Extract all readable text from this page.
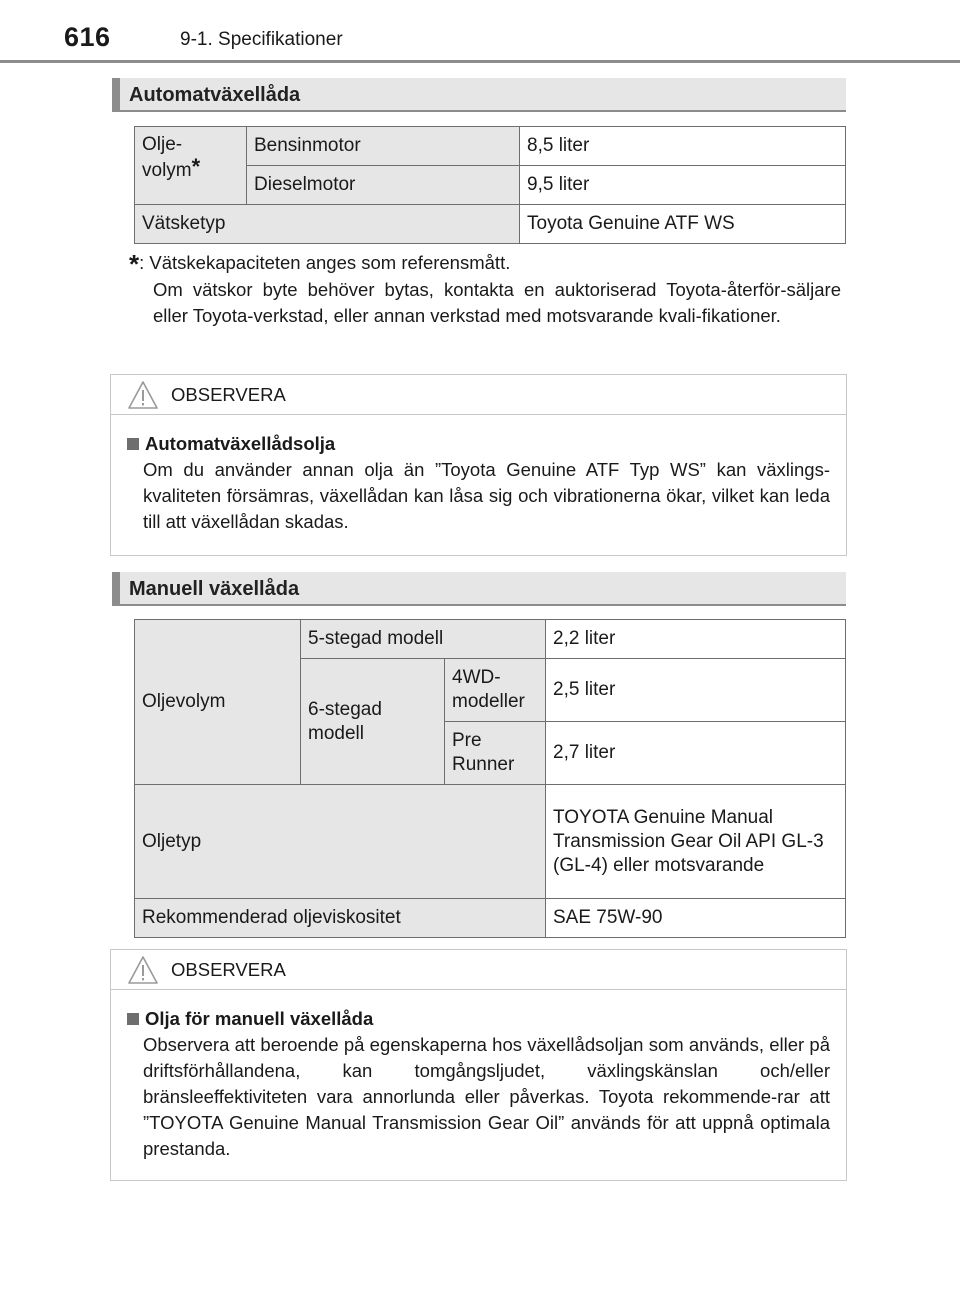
616	9-1. Specifikationer
Automatväxellåda
Olje-
volym*	Bensinmotor	8,5 liter
	Dieselmotor	9,5 liter
Vätsketyp		Toyota Genuine ATF WS
*: Vätskekapaciteten anges som referensmått.
Om vätskor byte behöver bytas, kontakta en auktoriserad Toyota-återför-säljare eller Toyota-verkstad, eller annan verkstad med motsvarande kvali-fikationer.
OBSERVERA
Automatväxellådsolja
Om du använder annan olja än ”Toyota Genuine ATF Typ WS” kan växlings-kvaliteten försämras, växellådan kan låsa sig och vibrationerna ökar, vilket kan leda till att växellådan skadas.
Manuell växellåda
Oljevolym	5-stegad modell		2,2 liter
	6-stegad modell	4WD-modeller	2,5 liter
		Pre Runner	2,7 liter
Oljetyp			TOYOTA Genuine Manual Transmission Gear Oil API GL-3 (GL-4) eller motsvarande
Rekommenderad oljeviskositet			SAE 75W-90
OBSERVERA
Olja för manuell växellåda
Observera att beroende på egenskaperna hos växellådsoljan som används, eller på driftsförhållandena, kan tomgångsljudet, växlingskänslan och/eller bränsleeffektiviteten vara annorlunda eller påverkas. Toyota rekommende-rar att ”TOYOTA Genuine Manual Transmission Gear Oil” används för att uppnå optimala prestanda.
